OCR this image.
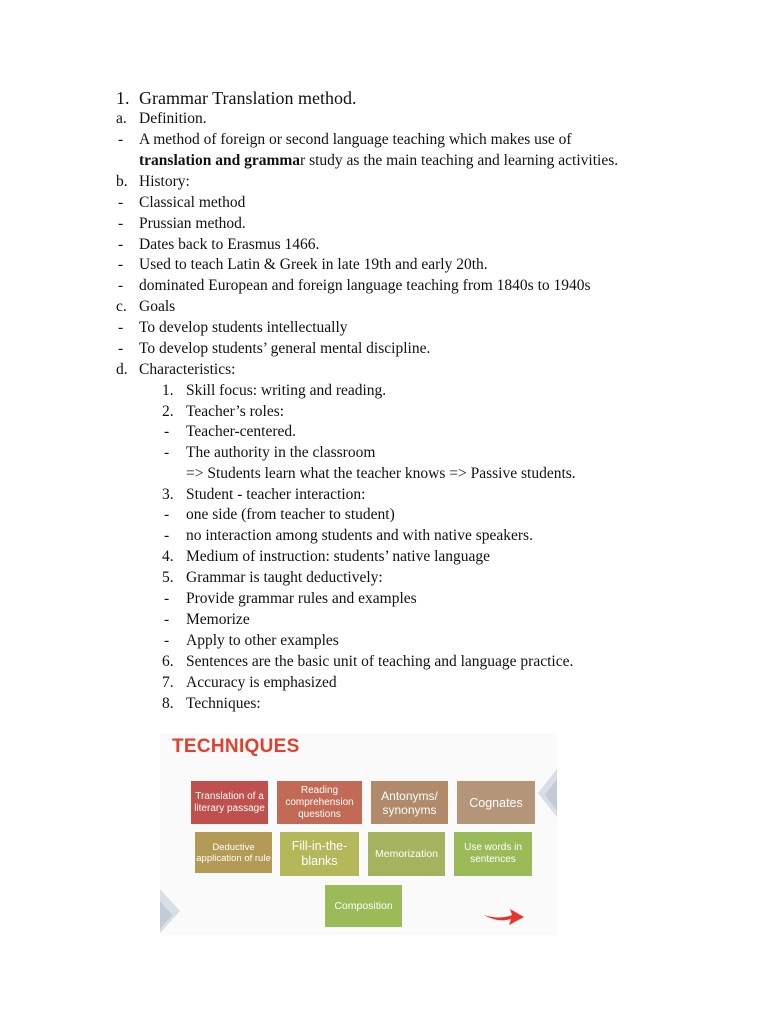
1. Grammar Translation method.
a. Definition.
- A method of foreign or second language teaching which makes use of
translation and grammar study as the main teaching and learning activities.
b. History:
- Classical method
- Prussian method.
- Dates back to Erasmus 1466.
- Used to teach Latin & Greek in late 19th and early 20th.
- dominated European and foreign language teaching from 1840s to 1940s
c. Goals
- To develop students intellectually
- To develop students’ general mental discipline.
d. Characteristics:
1. Skill focus: writing and reading.
2. Teacher’s roles:
- Teacher-centered.
- The authority in the classroom
=> Students learn what the teacher knows => Passive students.
3. Student - teacher interaction:
- one side (from teacher to student)
- no interaction among students and with native speakers.
4. Medium of instruction: students’ native language
5. Grammar is taught deductively:
- Provide grammar rules and examples
- Memorize
- Apply to other examples
6. Sentences are the basic unit of teaching and language practice.
7. Accuracy is emphasized
8. Techniques:
TECHNIQUES
Translation of a literary passage
Reading comprehension questions
Antonyms/ synonyms	Cognates
Deductive application of rule
Fill-in-the-blanks	Memorization
Use words in sentences
Composition
